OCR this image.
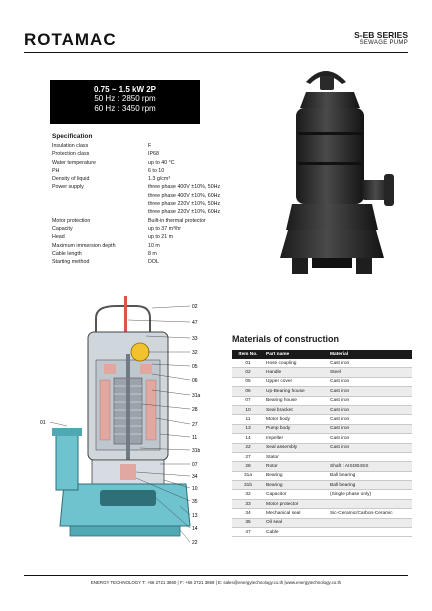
ROTAMAC	S-EB SERIES
SEWAGE PUMP
0.75 ~ 1.5 kW 2P
50 Hz : 2850 rpm
60 Hz : 3450 rpm
Specification
Insulation class	F
Protection class	IP68
Water temperature	up to 40 °C
PH	6 to 10
Density of liquid	1.3 g/cm³
Power supply	three phase 400V ±10%, 50Hz
three phase 400V ±10%, 60Hz
three phase 220V ±10%, 50Hz
three phase 220V ±10%, 60Hz
Motor protection	Built-in thermal protector
Capacity	up to 37 m³/hr
Head	up to 21 m
Maximum immersion depth	10 m
Cable length	8 m
Starting method	DOL
02
47
33
32
05
06
31a
28
27
11
31b
07
34
10
35
13
14
22
01
Materials of construction
Item No.	Part name	Material
01	Hose coupling	Cast iron
02	Handle	Steel
05	Upper cover	Cast iron
06	Up-Bearing house	Cast iron
07	Bearing house	Cast iron
10	Seal bracket	Cast iron
11	Motor body	Cast iron
13	Pump body	Cast iron
14	Impeller	Cast iron
22	Seal assembly	Cast iron
27	Stator	
28	Rotor	Shaft : AISI304SS
31a	Bearing	Ball bearing
31b	Bearing	Ball bearing
32	Capacitor	(Single phase only)
33	Motor protector	
34	Mechanical seal	Sic-Ceramic/Carbon-Ceramic
35	Oil seal	
47	Cable	
ENERGY TECHNOLOGY T: +66 2721 3860 | F: +66 2721 3869 | E: sales@energytechnology.co.th |www.energytechnology.co.th
